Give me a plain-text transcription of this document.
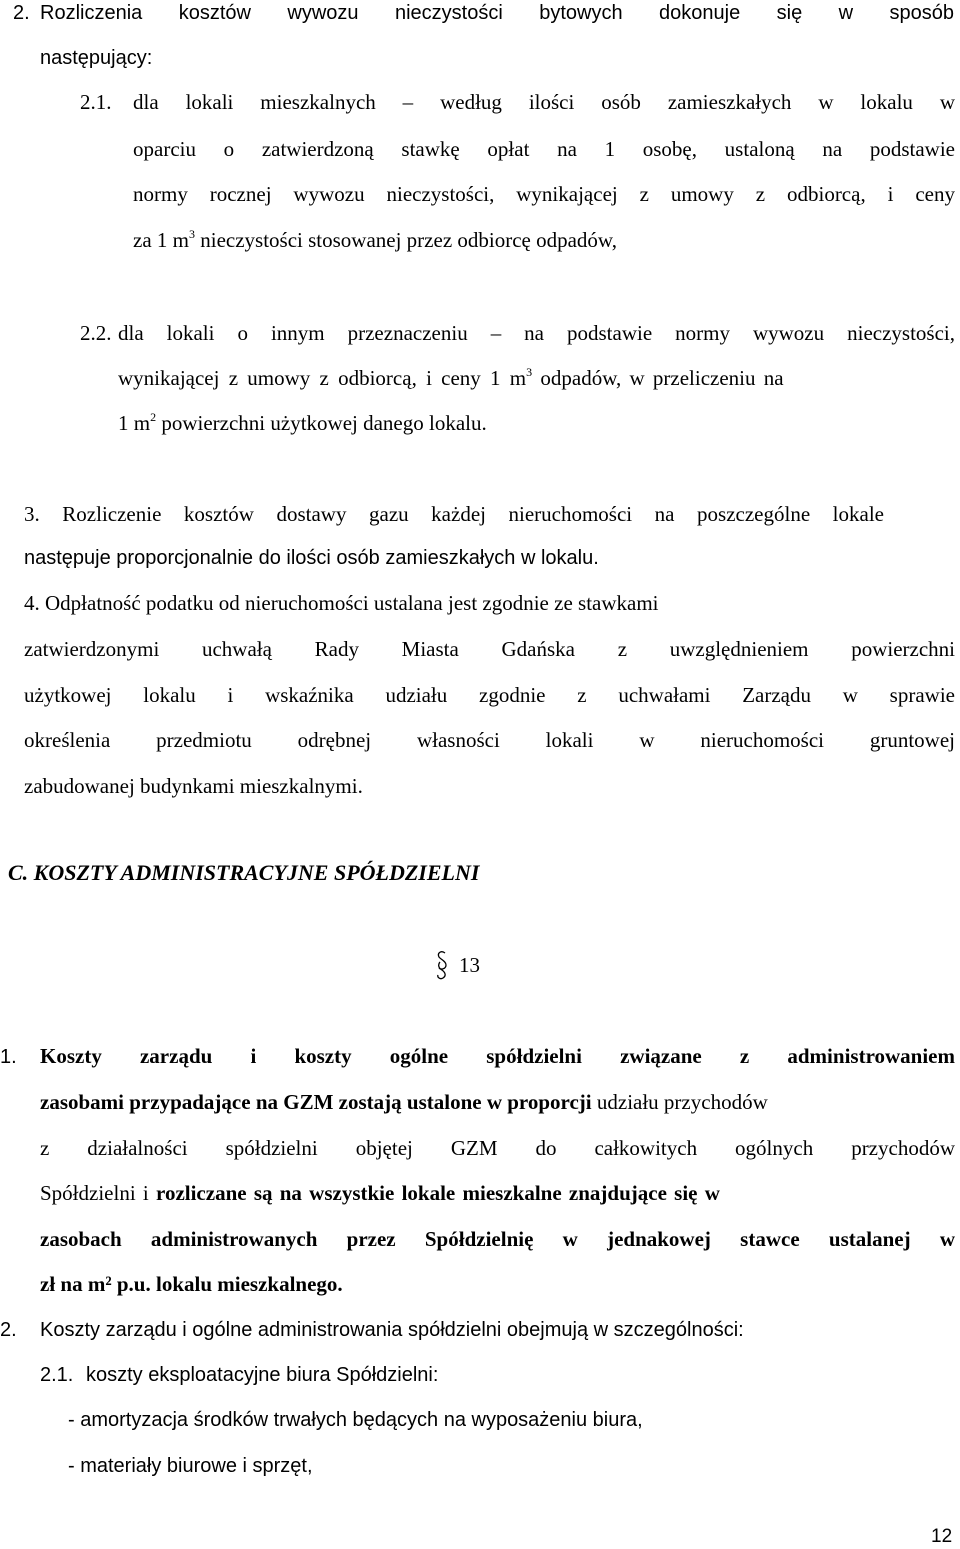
2. Rozliczenia kosztów wywozu nieczystości bytowych dokonuje się w sposób
następujący:
2.1. dla lokali mieszkalnych – według ilości osób zamieszkałych w lokalu w
oparciu o zatwierdzoną stawkę opłat na 1 osobę, ustaloną na podstawie
normy rocznej wywozu nieczystości, wynikającej z umowy z odbiorcą, i ceny
za 1 $m^3$ nieczystości stosowanej przez odbiorcę odpadów,
2.2. dla lokali o innym przeznaczeniu – na podstawie normy wywozu nieczystości,
wynikającej z umowy z odbiorcą, i ceny 1 $m^3$ odpadów, w przeliczeniu na
1 $m^2$ powierzchni użytkowej danego lokalu.
3. Rozliczenie kosztów dostawy gazu każdej nieruchomości na poszczególne lokale
następuje proporcjonalnie do ilości osób zamieszkałych w lokalu.
4. Odpłatność podatku od nieruchomości ustalana jest zgodnie ze stawkami
zatwierdzonymi uchwałą Rady Miasta Gdańska z uwzględnieniem powierzchni
użytkowej lokalu i wskaźnika udziału zgodnie z uchwałami Zarządu w sprawie
określenia przedmiotu odrębnej własności lokali w nieruchomości gruntowej
zabudowanej budynkami mieszkalnymi.
C. KOSZTY ADMINISTRACYJNE SPÓŁDZIELNI
13
1. Koszty zarządu i koszty ogólne spółdzielni związane z administrowaniem
zasobami przypadające na GZM zostają ustalone w proporcji udziału przychodów
z działalności spółdzielni objętej GZM do całkowitych ogólnych przychodów
Spółdzielni i rozliczane są na wszystkie lokale mieszkalne znajdujące się w
zasobach administrowanych przez Spółdzielnię w jednakowej stawce ustalanej w
zł na m² p.u. lokalu mieszkalnego.
2. Koszty zarządu i ogólne administrowania spółdzielni obejmują w szczególności:
2.1. koszty eksploatacyjne biura Spółdzielni:
- amortyzacja środków trwałych będących na wyposażeniu biura,
- materiały biurowe i sprzęt,
12
